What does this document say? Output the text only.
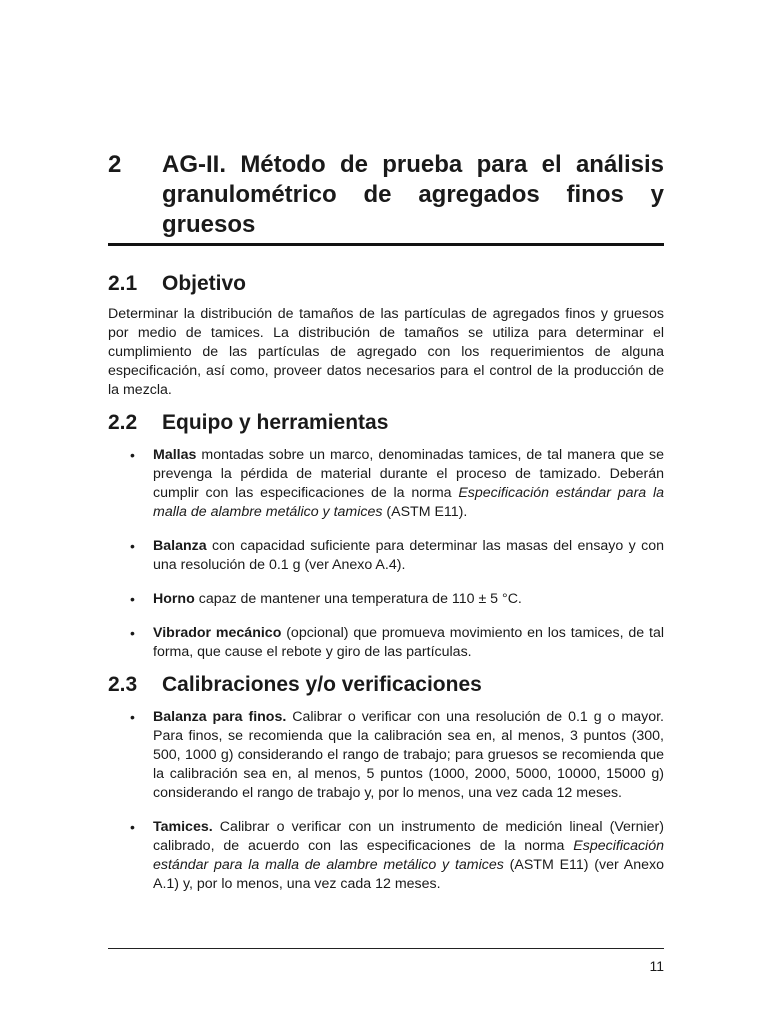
2	AG-II. Método de prueba para el análisis granulométrico de agregados finos y gruesos
2.1	Objetivo
Determinar la distribución de tamaños de las partículas de agregados finos y gruesos por medio de tamices. La distribución de tamaños se utiliza para determinar el cumplimiento de las partículas de agregado con los requerimientos de alguna especificación, así como, proveer datos necesarios para el control de la producción de la mezcla.
2.2	Equipo y herramientas
• Mallas montadas sobre un marco, denominadas tamices, de tal manera que se prevenga la pérdida de material durante el proceso de tamizado. Deberán cumplir con las especificaciones de la norma Especificación estándar para la malla de alambre metálico y tamices (ASTM E11).
• Balanza con capacidad suficiente para determinar las masas del ensayo y con una resolución de 0.1 g (ver Anexo A.4).
• Horno capaz de mantener una temperatura de 110 ± 5 °C.
• Vibrador mecánico (opcional) que promueva movimiento en los tamices, de tal forma, que cause el rebote y giro de las partículas.
2.3	Calibraciones y/o verificaciones
• Balanza para finos. Calibrar o verificar con una resolución de 0.1 g o mayor. Para finos, se recomienda que la calibración sea en, al menos, 3 puntos (300, 500, 1000 g) considerando el rango de trabajo; para gruesos se recomienda que la calibración sea en, al menos, 5 puntos (1000, 2000, 5000, 10000, 15000 g) considerando el rango de trabajo y, por lo menos, una vez cada 12 meses.
• Tamices. Calibrar o verificar con un instrumento de medición lineal (Vernier) calibrado, de acuerdo con las especificaciones de la norma Especificación estándar para la malla de alambre metálico y tamices (ASTM E11) (ver Anexo A.1) y, por lo menos, una vez cada 12 meses.
11
